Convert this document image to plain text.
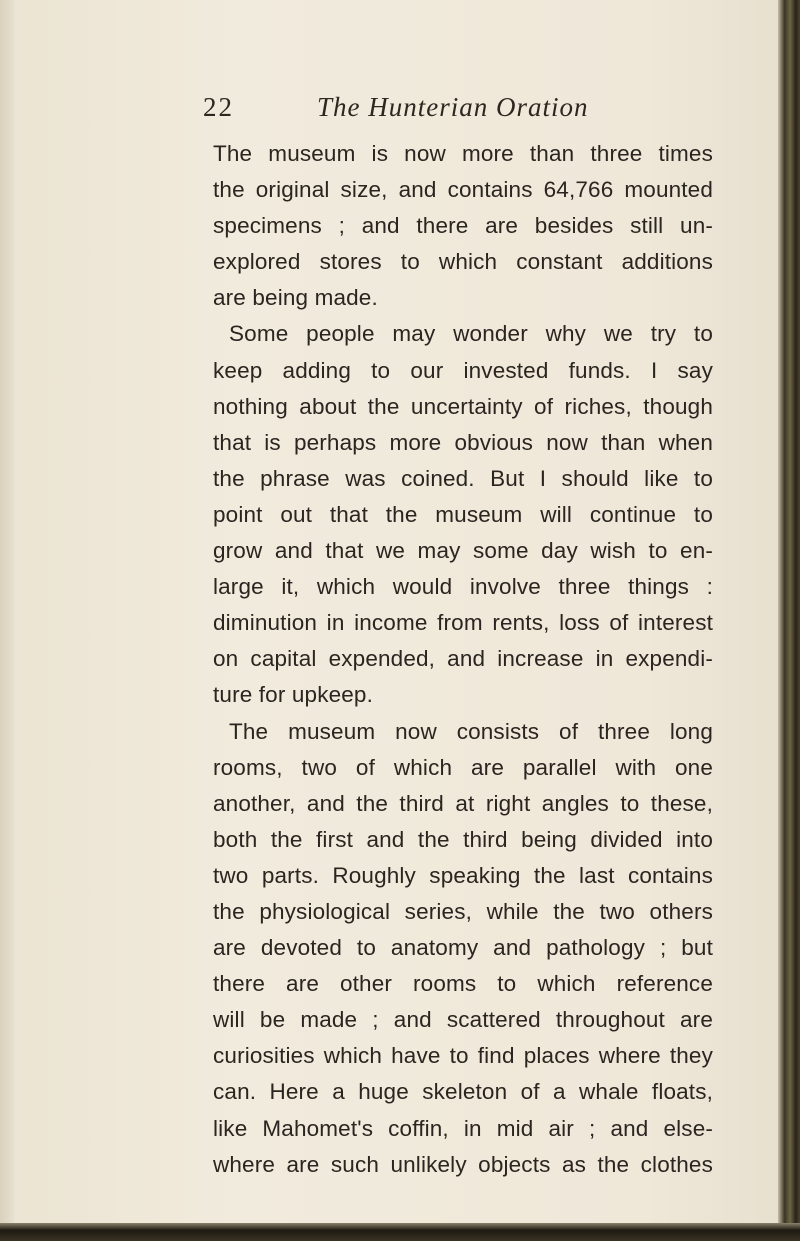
22	The Hunterian Oration
The museum is now more than three times
the original size, and contains 64,766 mounted
specimens ; and there are besides still un-
explored stores to which constant additions
are being made.
Some people may wonder why we try to
keep adding to our invested funds. I say
nothing about the uncertainty of riches, though
that is perhaps more obvious now than when
the phrase was coined. But I should like to
point out that the museum will continue to
grow and that we may some day wish to en-
large it, which would involve three things :
diminution in income from rents, loss of interest
on capital expended, and increase in expendi-
ture for upkeep.
The museum now consists of three long
rooms, two of which are parallel with one
another, and the third at right angles to these,
both the first and the third being divided into
two parts. Roughly speaking the last contains
the physiological series, while the two others
are devoted to anatomy and pathology ; but
there are other rooms to which reference
will be made ; and scattered throughout are
curiosities which have to find places where they
can. Here a huge skeleton of a whale floats,
like Mahomet's coffin, in mid air ; and else-
where are such unlikely objects as the clothes
